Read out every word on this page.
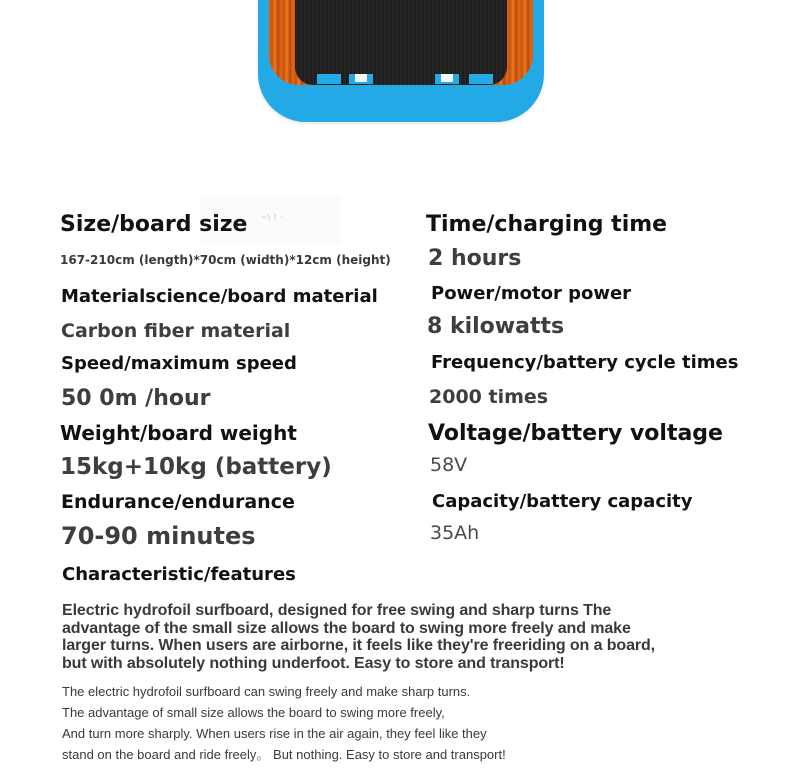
~\ ! ·
Size/board size
167-210cm (length)*70cm (width)*12cm (height)
Materialscience/board material
Carbon fiber material
Speed/maximum speed
50 0m /hour
Weight/board weight
15kg+10kg (battery)
Endurance/endurance
70-90 minutes
Time/charging time
2 hours
Power/motor power
8 kilowatts
Frequency/battery cycle times
2000 times
Voltage/battery voltage
58V
Capacity/battery capacity
35Ah
Characteristic/features
Electric hydrofoil surfboard, designed for free swing and sharp turns The
advantage of the small size allows the board to swing more freely and make
larger turns. When users are airborne, it feels like they're freeriding on a board,
but with absolutely nothing underfoot. Easy to store and transport!
The electric hydrofoil surfboard can swing freely and make sharp turns.
The advantage of small size allows the board to swing more freely,
And turn more sharply. When users rise in the air again, they feel like they
stand on the board and ride freely。 But nothing. Easy to store and transport!
